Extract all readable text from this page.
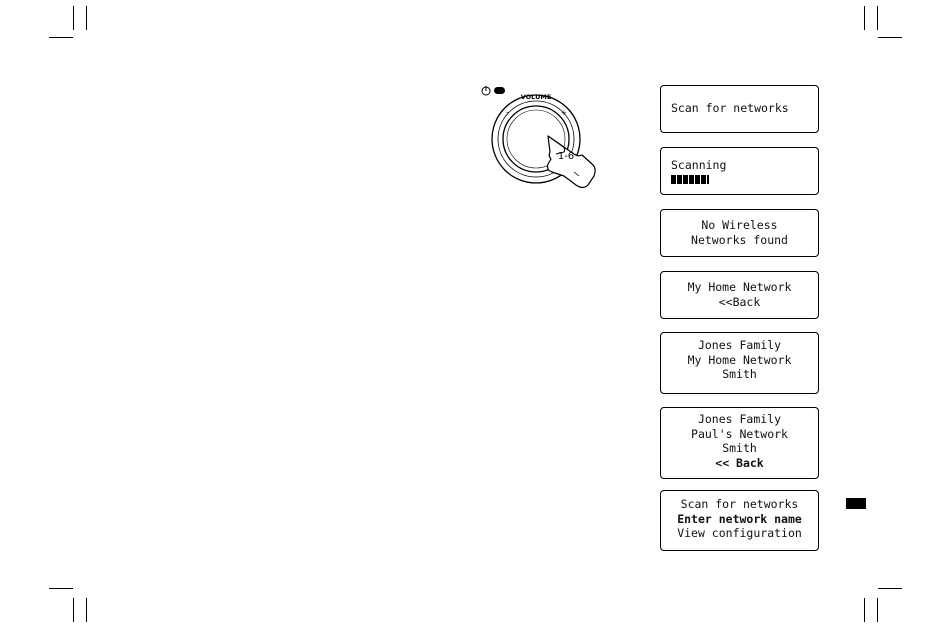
VOLUME
–	+
1-6
Scan for networks
Scanning
No Wireless
Networks found
My Home Network
<<Back
Jones Family
My Home Network
Smith
Jones Family
Paul's Network
Smith
<< Back
Scan for networks
Enter network name
View configuration
